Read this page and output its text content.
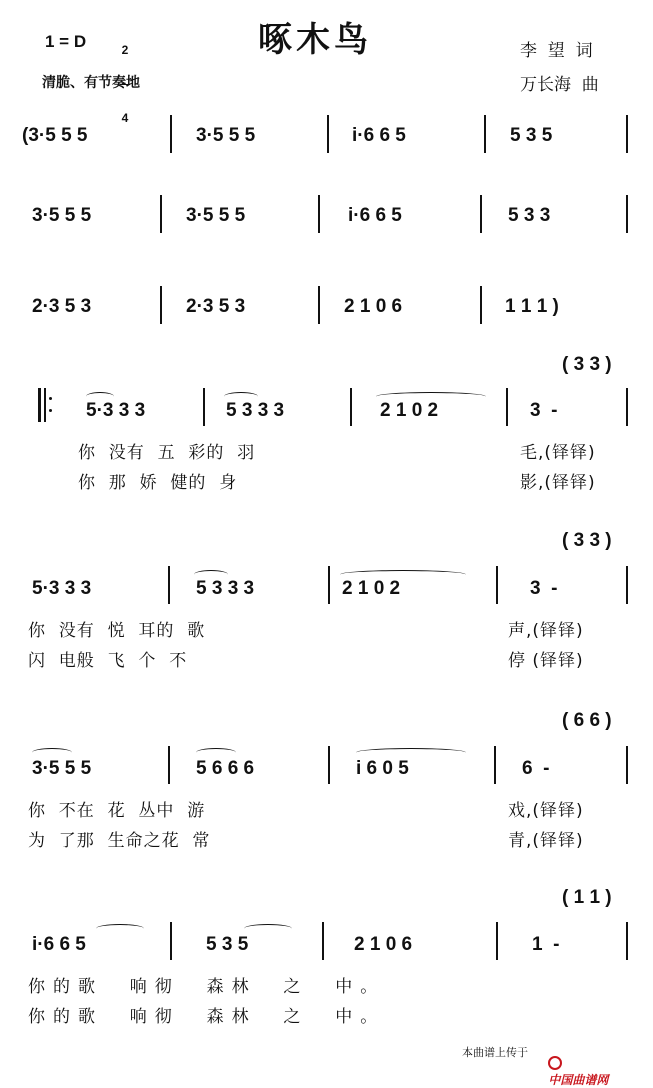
啄木鸟
1 = D

	2

4

清脆、有节奏地
李  望  词
万长海  曲
(3·5 5 5	3·5 5 5	i·6 6 5	5 3 5
3·5 5 5	3·5 5 5	i·6 6 5	5 3 3
2·3 5 3	2·3 5 3	2 1 0 6	1 1 1 )
( 3 3 )
5·3 3 3	5 3 3 3	2 1 0 2	3  -
你  没有  五  彩的  羽	毛,(铎铎)
你  那  娇  健的  身	影,(铎铎)
( 3 3 )
5·3 3 3	5 3 3 3	2 1 0 2	3  -
你  没有  悦  耳的  歌	声,(铎铎)
闪  电般  飞  个  不	停 (铎铎)
( 6 6 )
3·5 5 5	5 6 6 6	i 6 0 5	6  -
你  不在  花  丛中  游	戏,(铎铎)
为  了那  生命之花  常	青,(铎铎)
( 1 1 )
i·6 6 5	5 3 5	2 1 0 6	1  -
你的歌  响彻  森林  之  中。
你的歌  响彻  森林  之  中。
本曲谱上传于

中国曲谱网
